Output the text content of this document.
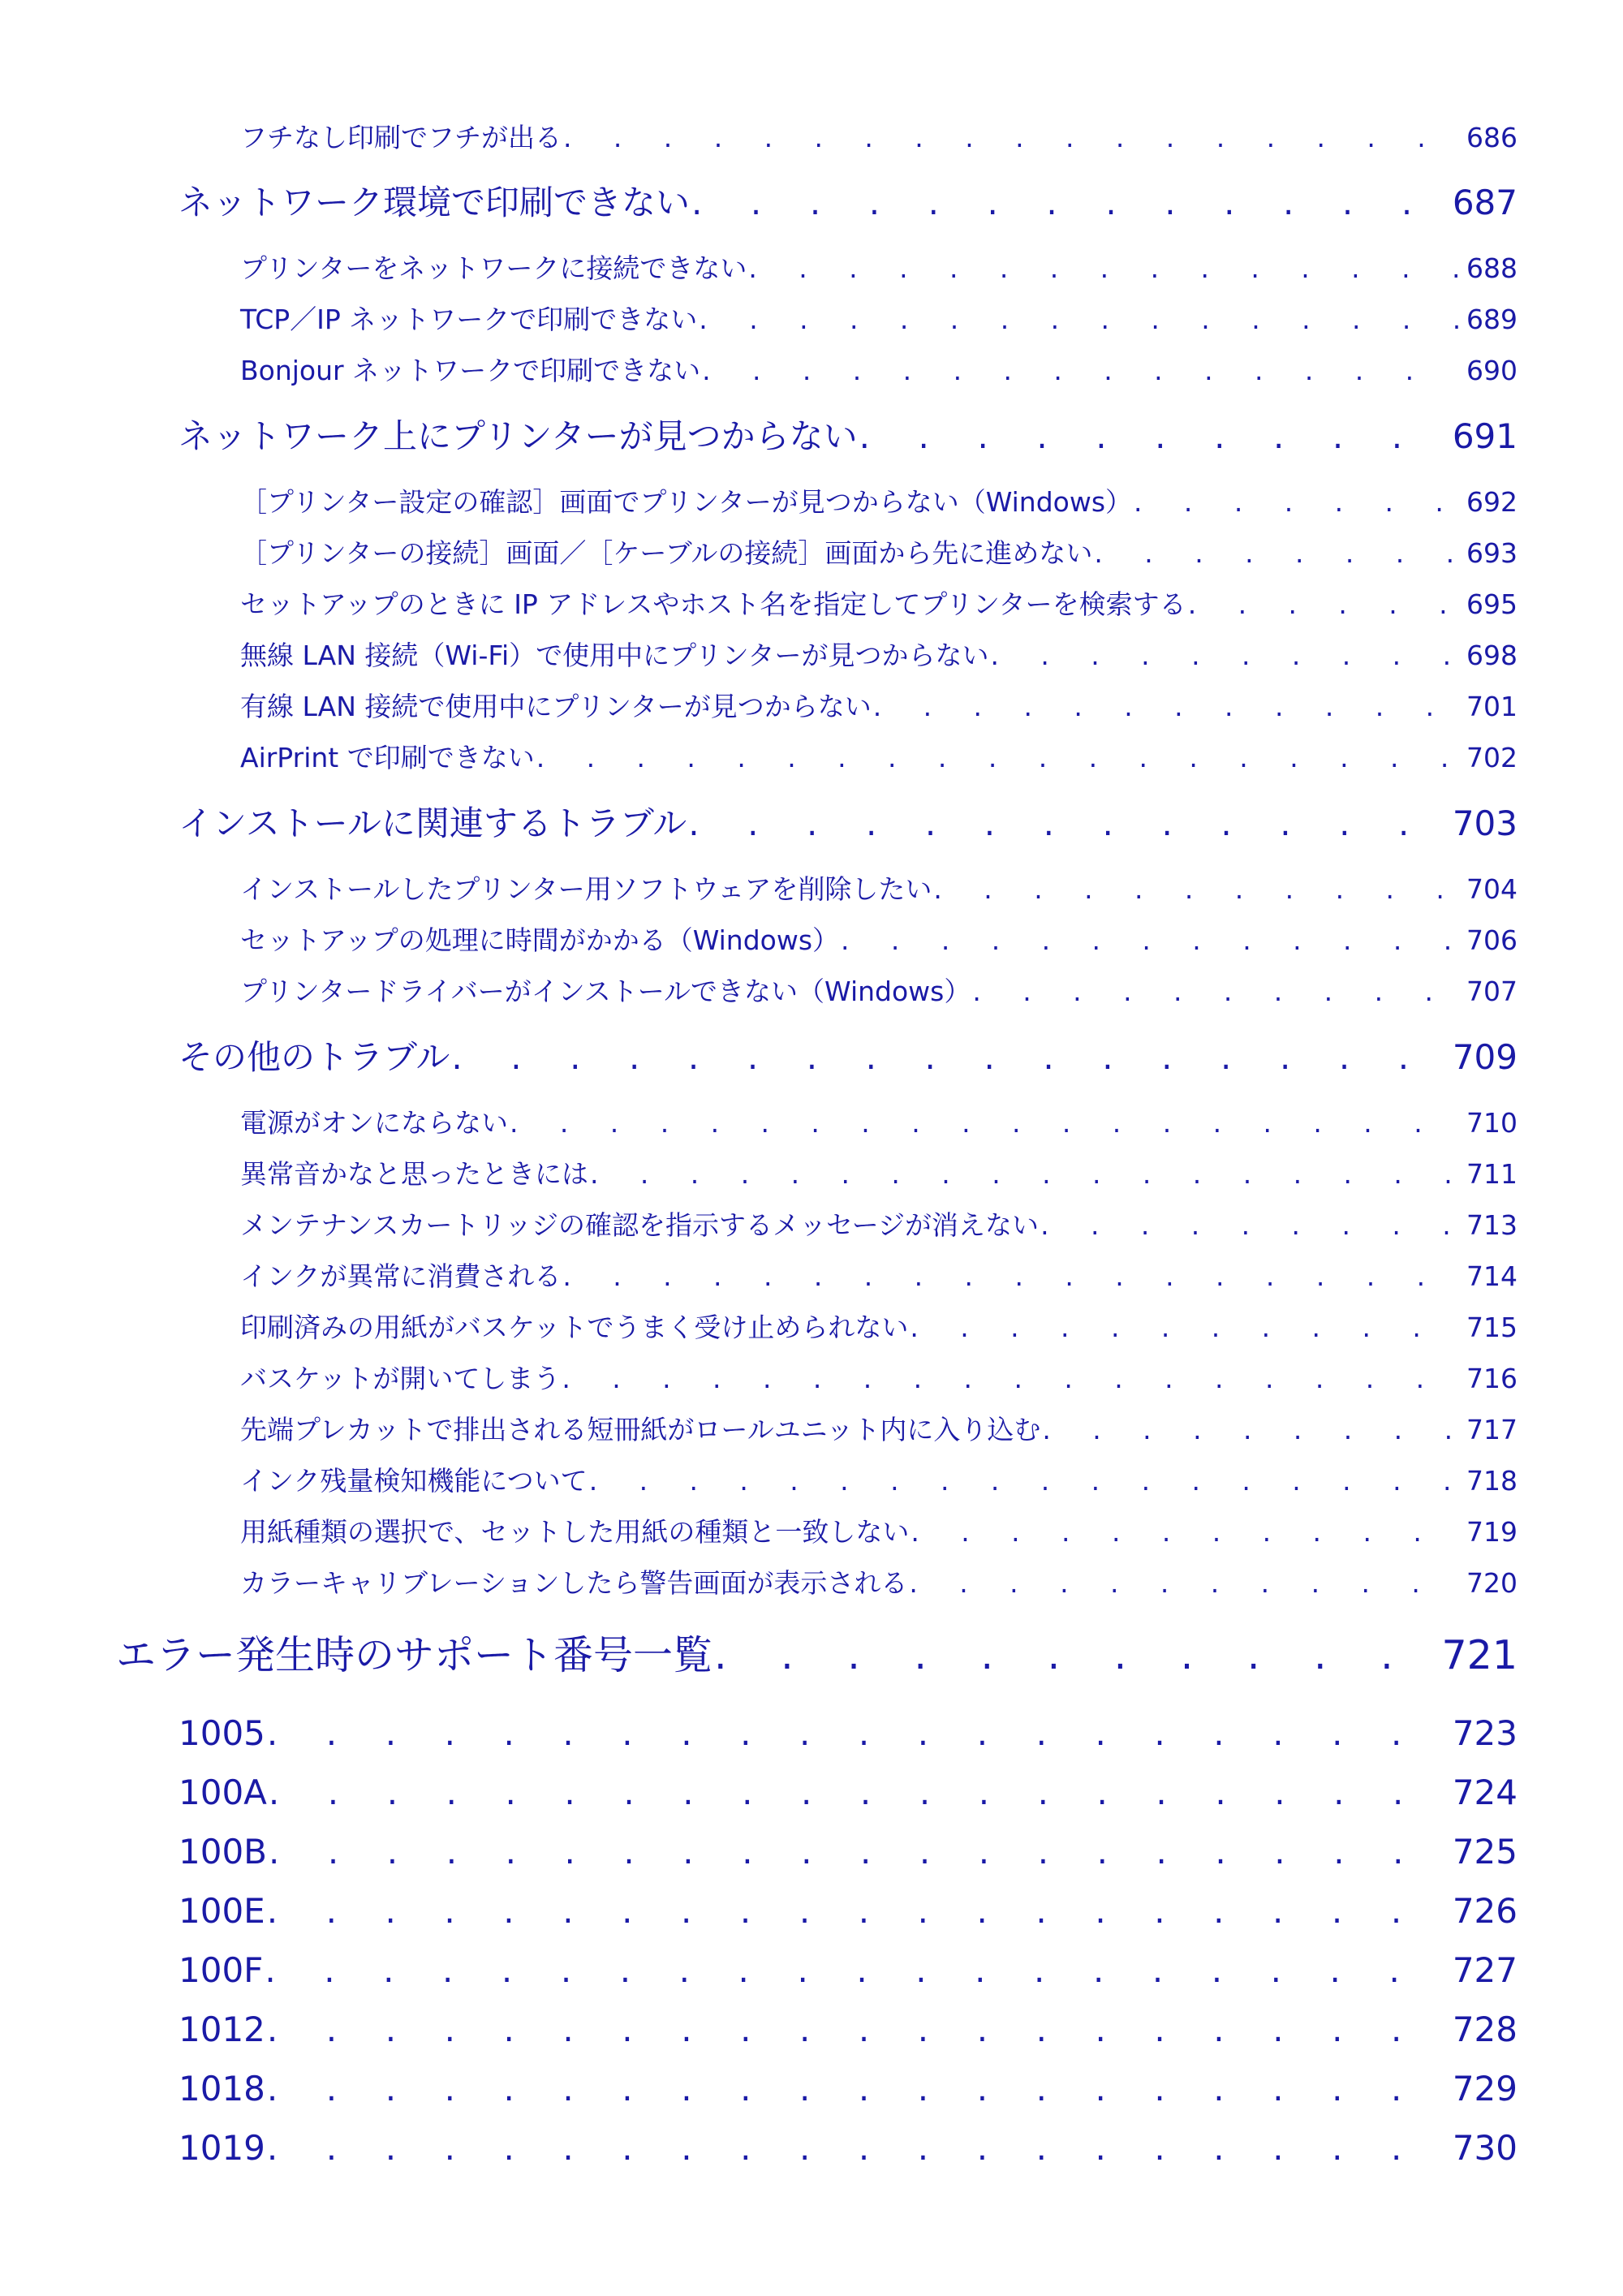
フチなし印刷でフチが出る . . .	686
ネットワーク環境で印刷できない . . .	687
プリンターをネットワークに接続できない . . .	688
TCP／IP ネットワークで印刷できない . . .	689
Bonjour ネットワークで印刷できない . . .	690
ネットワーク上にプリンターが見つからない . . .	691
［プリンター設定の確認］画面でプリンターが見つからない（Windows） . . .	692
［プリンターの接続］画面／［ケーブルの接続］画面から先に進めない . . .	693
セットアップのときに IP アドレスやホスト名を指定してプリンターを検索する . . .	695
無線 LAN 接続（Wi-Fi）で使用中にプリンターが見つからない . . .	698
有線 LAN 接続で使用中にプリンターが見つからない . . .	701
AirPrint で印刷できない . . .	702
インストールに関連するトラブル . . .	703
インストールしたプリンター用ソフトウェアを削除したい . . .	704
セットアップの処理に時間がかかる（Windows） . . .	706
プリンタードライバーがインストールできない（Windows） . . .	707
その他のトラブル . . .	709
電源がオンにならない . . .	710
異常音かなと思ったときには . . .	711
メンテナンスカートリッジの確認を指示するメッセージが消えない . . .	713
インクが異常に消費される . . .	714
印刷済みの用紙がバスケットでうまく受け止められない . . .	715
バスケットが開いてしまう . . .	716
先端プレカットで排出される短冊紙がロールユニット内に入り込む . . .	717
インク残量検知機能について . . .	718
用紙種類の選択で、セットした用紙の種類と一致しない . . .	719
カラーキャリブレーションしたら警告画面が表示される . . .	720
エラー発生時のサポート番号一覧 . . .	721
1005 . . .	723
100A . . .	724
100B . . .	725
100E . . .	726
100F . . .	727
1012 . . .	728
1018 . . .	729
1019 . . .	730
